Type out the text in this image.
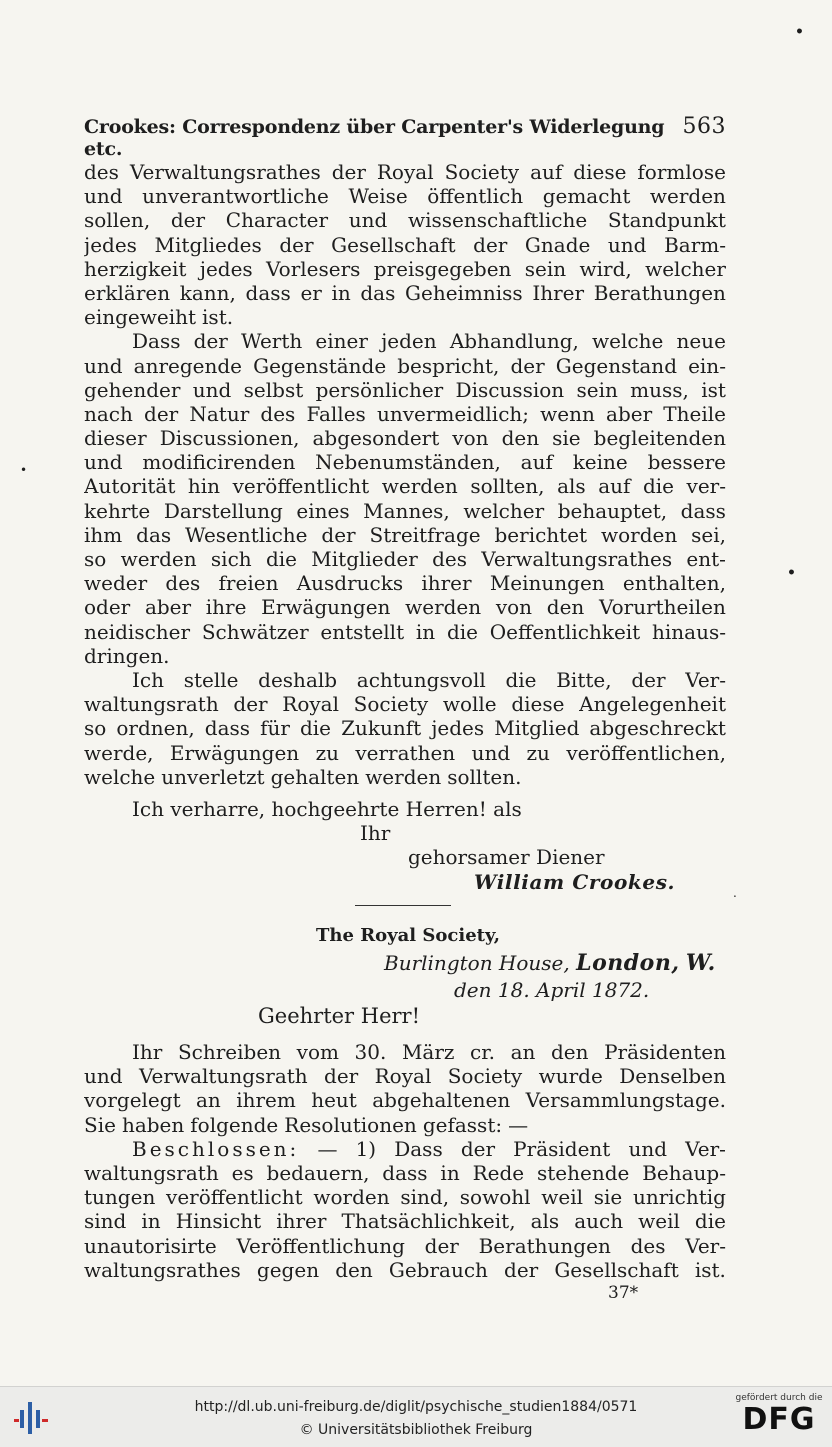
•
Crookes: Correspondenz über Carpenter's Widerlegung etc.
563
des Verwaltungsrathes der Royal Society auf diese formlose
und unverantwortliche Weise öffentlich gemacht werden
sollen, der Character und wissenschaftliche Standpunkt
jedes Mitgliedes der Gesellschaft der Gnade und Barm-
herzigkeit jedes Vorlesers preisgegeben sein wird, welcher
erklären kann, dass er in das Geheimniss Ihrer Berathungen
eingeweiht ist.
Dass der Werth einer jeden Abhandlung, welche neue
und anregende Gegenstände bespricht, der Gegenstand ein-
gehender und selbst persönlicher Discussion sein muss, ist
nach der Natur des Falles unvermeidlich; wenn aber Theile
dieser Discussionen, abgesondert von den sie begleitenden
und modificirenden Nebenumständen, auf keine bessere
Autorität hin veröffentlicht werden sollten, als auf die ver-
kehrte Darstellung eines Mannes, welcher behauptet, dass
ihm das Wesentliche der Streitfrage berichtet worden sei,
so werden sich die Mitglieder des Verwaltungsrathes ent-
weder des freien Ausdrucks ihrer Meinungen enthalten,
oder aber ihre Erwägungen werden von den Vorurtheilen
neidischer Schwätzer entstellt in die Oeffentlichkeit hinaus-
dringen.
Ich stelle deshalb achtungsvoll die Bitte, der Ver-
waltungsrath der Royal Society wolle diese Angelegenheit
so ordnen, dass für die Zukunft jedes Mitglied abgeschreckt
werde, Erwägungen zu verrathen und zu veröffentlichen,
welche unverletzt gehalten werden sollten.
Ich verharre, hochgeehrte Herren! als
Ihr
gehorsamer Diener
William Crookes.
•
•
.
The Royal Society,
Burlington House, London, W.
den 18. April 1872.
Geehrter Herr!
Ihr Schreiben vom 30. März cr. an den Präsidenten
und Verwaltungsrath der Royal Society wurde Denselben
vorgelegt an ihrem heut abgehaltenen Versammlungstage.
Sie haben folgende Resolutionen gefasst: —
Beschlossen: — 1) Dass der Präsident und Ver-
waltungsrath es bedauern, dass in Rede stehende Behaup-
tungen veröffentlicht worden sind, sowohl weil sie unrichtig
sind in Hinsicht ihrer Thatsächlichkeit, als auch weil die
unautorisirte Veröffentlichung der Berathungen des Ver-
waltungsrathes gegen den Gebrauch der Gesellschaft ist.
37*
http://dl.ub.uni-freiburg.de/diglit/psychische_studien1884/0571
© Universitätsbibliothek Freiburg
gefördert durch die
DFG
